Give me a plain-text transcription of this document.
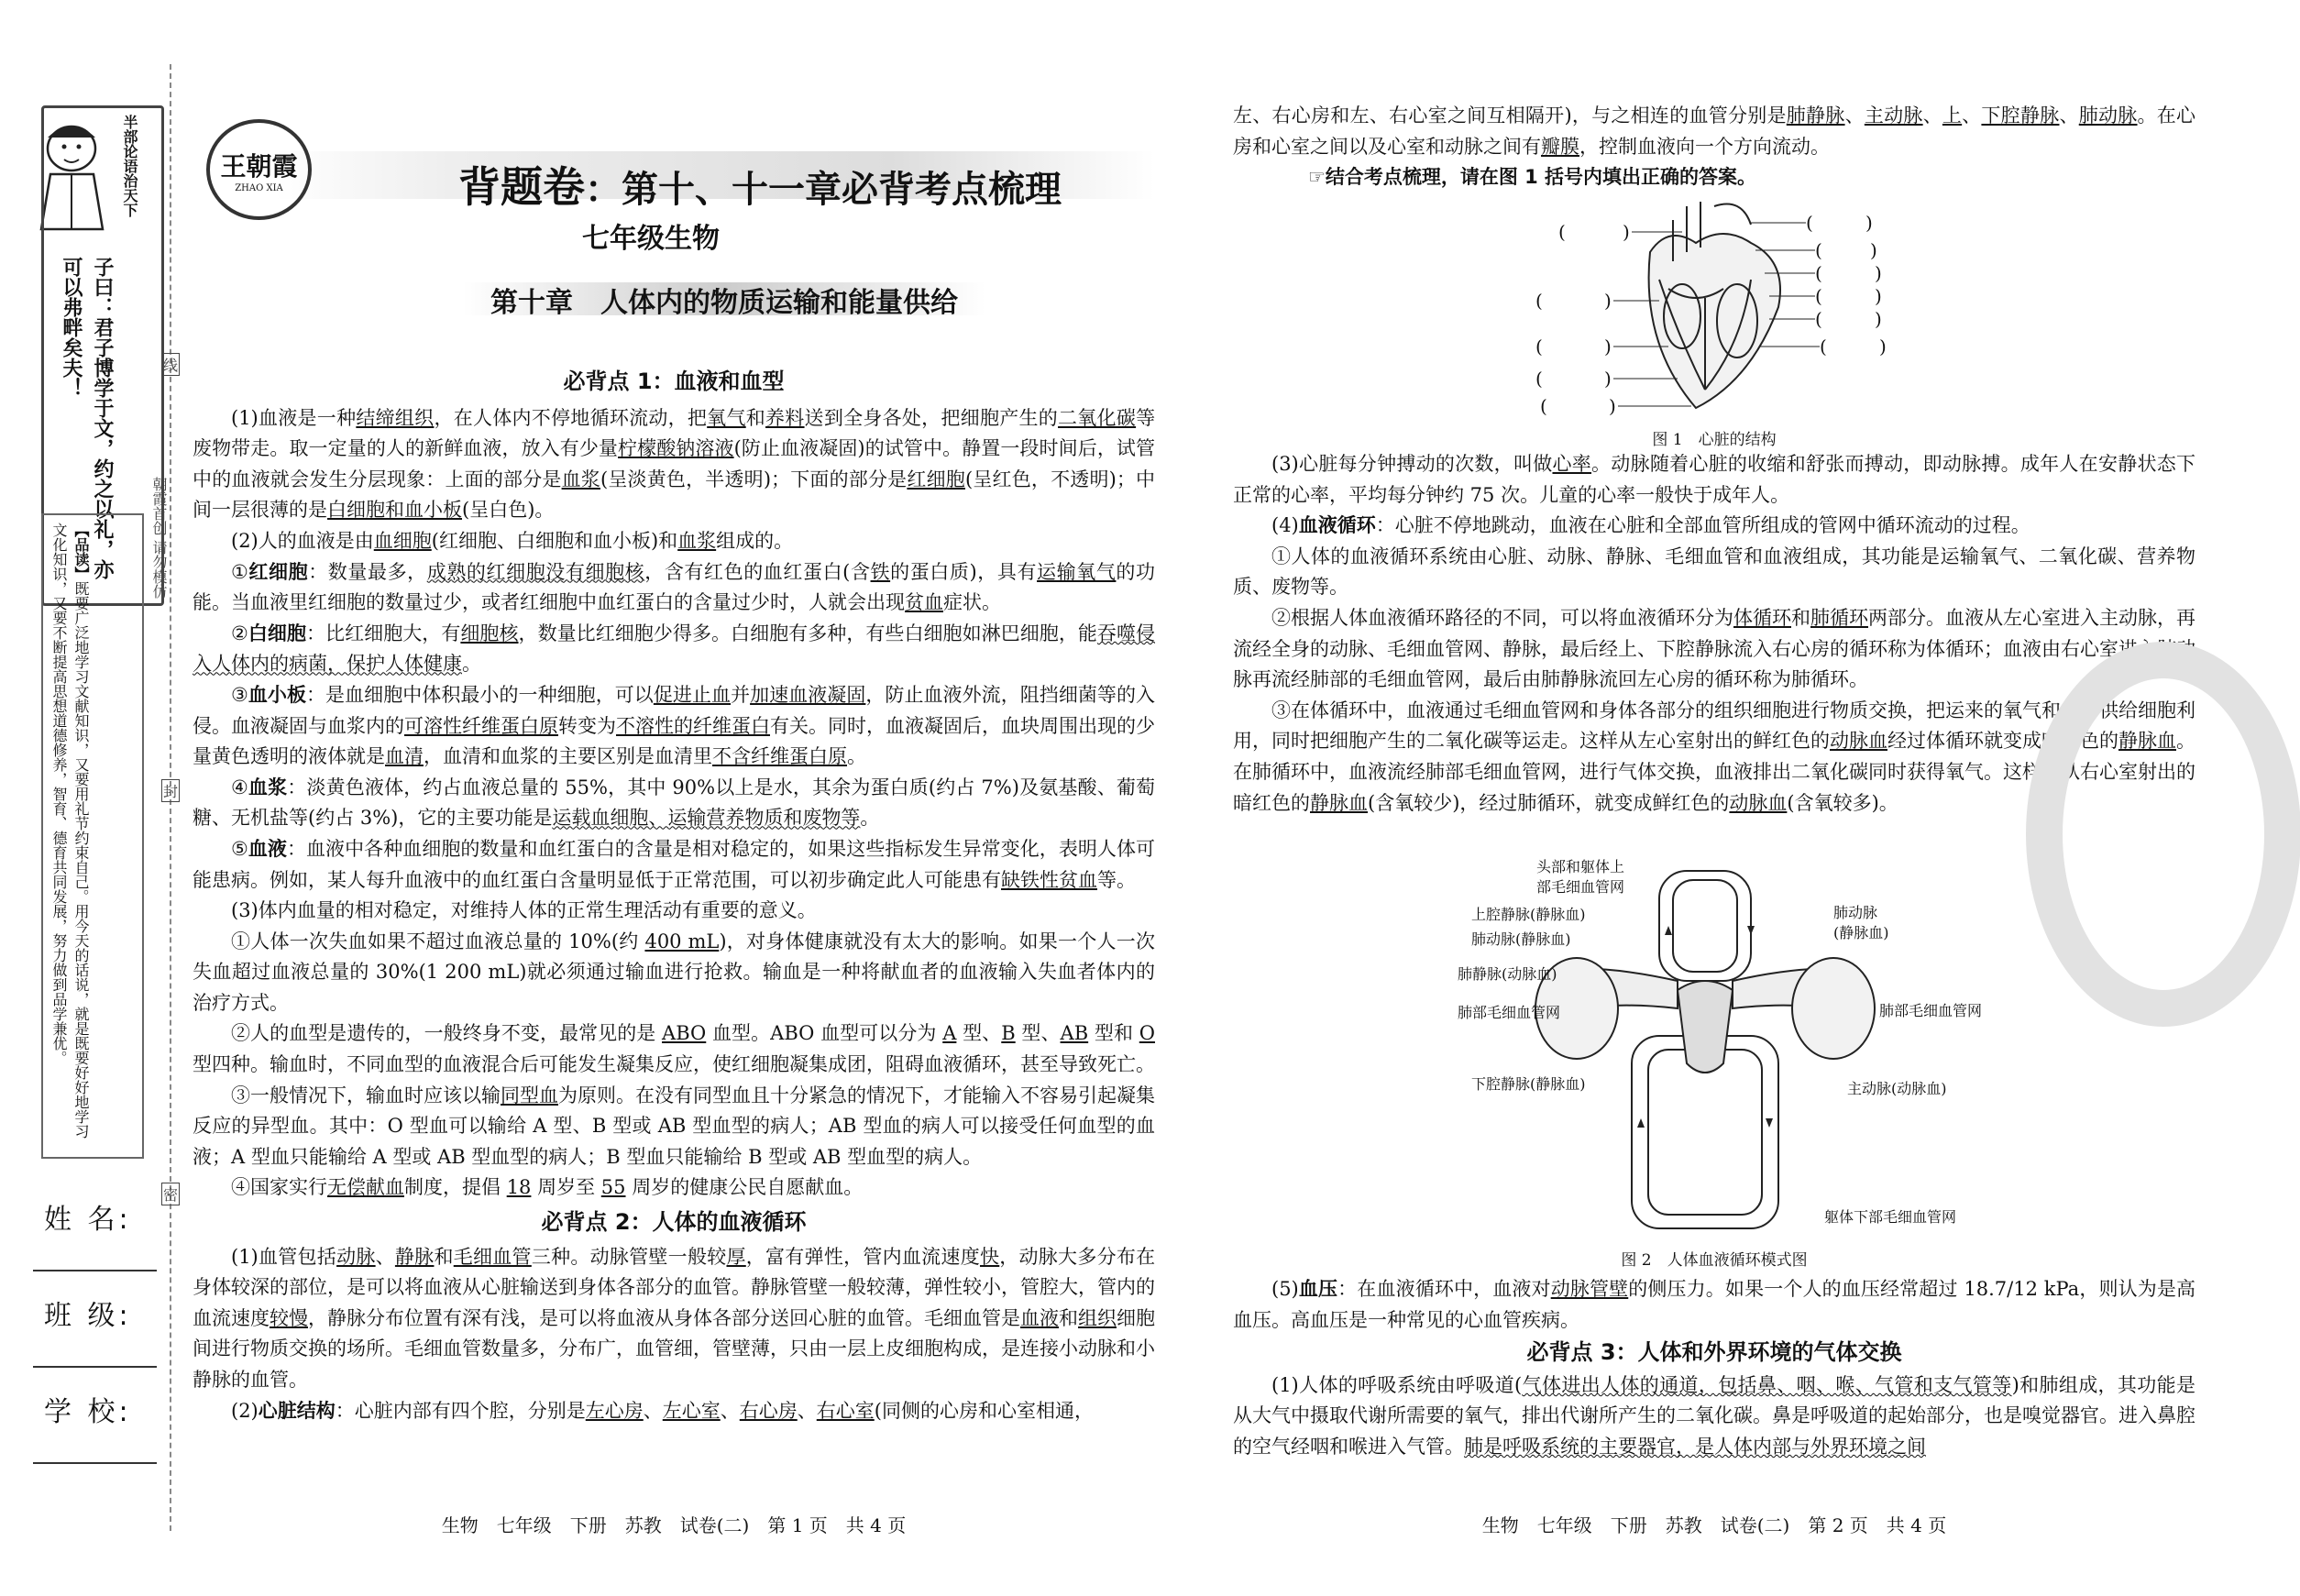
半部论语治天下
子曰：君子博学于文，约之以礼，亦可以弗畔矣夫！
【品读】既要广泛地学习文献知识，又要用礼节约束自己。用今天的话说，就是既要好好地学习文化知识，又要不断提高思想道德修养，智育、德育共同发展，努力做到品学兼优。	朝霞首创 请勿模仿
线
封
密
姓 名:
班 级:
学 校:
王朝霞
ZHAO XIA	背题卷：第十、十一章必背考点梳理
七年级生物
第十章　人体内的物质运输和能量供给
必背点 1：血液和血型

(1)血液是一种结缔组织，在人体内不停地循环流动，把氧气和养料送到全身各处，把细胞产生的二氧化碳等废物带走。取一定量的人的新鲜血液，放入有少量柠檬酸钠溶液(防止血液凝固)的试管中。静置一段时间后，试管中的血液就会发生分层现象：上面的部分是血浆(呈淡黄色，半透明)；下面的部分是红细胞(呈红色，不透明)；中间一层很薄的是白细胞和血小板(呈白色)。

(2)人的血液是由血细胞(红细胞、白细胞和血小板)和血浆组成的。

①红细胞：数量最多，成熟的红细胞没有细胞核，含有红色的血红蛋白(含铁的蛋白质)，具有运输氧气的功能。当血液里红细胞的数量过少，或者红细胞中血红蛋白的含量过少时，人就会出现贫血症状。

②白细胞：比红细胞大，有细胞核，数量比红细胞少得多。白细胞有多种，有些白细胞如淋巴细胞，能吞噬侵入人体内的病菌，保护人体健康。

③血小板：是血细胞中体积最小的一种细胞，可以促进止血并加速血液凝固，防止血液外流，阻挡细菌等的入侵。血液凝固与血浆内的可溶性纤维蛋白原转变为不溶性的纤维蛋白有关。同时，血液凝固后，血块周围出现的少量黄色透明的液体就是血清，血清和血浆的主要区别是血清里不含纤维蛋白原。

④血浆：淡黄色液体，约占血液总量的 55%，其中 90%以上是水，其余为蛋白质(约占 7%)及氨基酸、葡萄糖、无机盐等(约占 3%)，它的主要功能是运载血细胞、运输营养物质和废物等。

⑤血液：血液中各种血细胞的数量和血红蛋白的含量是相对稳定的，如果这些指标发生异常变化，表明人体可能患病。例如，某人每升血液中的血红蛋白含量明显低于正常范围，可以初步确定此人可能患有缺铁性贫血等。

(3)体内血量的相对稳定，对维持人体的正常生理活动有重要的意义。

①人体一次失血如果不超过血液总量的 10%(约 400 mL)，对身体健康就没有太大的影响。如果一个人一次失血超过血液总量的 30%(1 200 mL)就必须通过输血进行抢救。输血是一种将献血者的血液输入失血者体内的治疗方式。

②人的血型是遗传的，一般终身不变，最常见的是 ABO 血型。ABO 血型可以分为 A 型、B 型、AB 型和 O 型四种。输血时，不同血型的血液混合后可能发生凝集反应，使红细胞凝集成团，阻碍血液循环，甚至导致死亡。

③一般情况下，输血时应该以输同型血为原则。在没有同型血且十分紧急的情况下，才能输入不容易引起凝集反应的异型血。其中：O 型血可以输给 A 型、B 型或 AB 型血型的病人；AB 型血的病人可以接受任何血型的血液；A 型血只能输给 A 型或 AB 型血型的病人；B 型血只能输给 B 型或 AB 型血型的病人。

④国家实行无偿献血制度，提倡 18 周岁至 55 周岁的健康公民自愿献血。

必背点 2：人体的血液循环

(1)血管包括动脉、静脉和毛细血管三种。动脉管壁一般较厚，富有弹性，管内血流速度快，动脉大多分布在身体较深的部位，是可以将血液从心脏输送到身体各部分的血管。静脉管壁一般较薄，弹性较小，管腔大，管内的血流速度较慢，静脉分布位置有深有浅，是可以将血液从身体各部分送回心脏的血管。毛细血管是血液和组织细胞间进行物质交换的场所。毛细血管数量多，分布广，血管细，管壁薄，只由一层上皮细胞构成，是连接小动脉和小静脉的血管。

(2)心脏结构：心脏内部有四个腔，分别是左心房、左心室、右心房、右心室(同侧的心房和心室相通，

左、右心房和左、右心室之间互相隔开)，与之相连的血管分别是肺静脉、主动脉、上、下腔静脉、肺动脉。在心房和心室之间以及心室和动脉之间有瓣膜，控制血液向一个方向流动。

☞结合考点梳理，请在图 1 括号内填出正确的答案。

(	)
(	)
(	)
(	)
(	)
(	)
(	)
(	)
(	)
(	)
(	)
图 1　心脏的结构

(3)心脏每分钟搏动的次数，叫做心率。动脉随着心脏的收缩和舒张而搏动，即动脉搏。成年人在安静状态下正常的心率，平均每分钟约 75 次。儿童的心率一般快于成年人。

(4)血液循环：心脏不停地跳动，血液在心脏和全部血管所组成的管网中循环流动的过程。

①人体的血液循环系统由心脏、动脉、静脉、毛细血管和血液组成，其功能是运输氧气、二氧化碳、营养物质、废物等。

②根据人体血液循环路径的不同，可以将血液循环分为体循环和肺循环两部分。血液从左心室进入主动脉，再流经全身的动脉、毛细血管网、静脉，最后经上、下腔静脉流入右心房的循环称为体循环；血液由右心室进入肺动脉再流经肺部的毛细血管网，最后由肺静脉流回左心房的循环称为肺循环。

③在体循环中，血液通过毛细血管网和身体各部分的组织细胞进行物质交换，把运来的氧气和养料供给细胞利用，同时把细胞产生的二氧化碳等运走。这样从左心室射出的鲜红色的动脉血经过体循环就变成暗红色的静脉血。在肺循环中，血液流经肺部毛细血管网，进行气体交换，血液排出二氧化碳同时获得氧气。这样，从右心室射出的暗红色的静脉血(含氧较少)，经过肺循环，就变成鲜红色的动脉血(含氧较多)。

头部和躯体上
部毛细血管网
上腔静脉(静脉血)
肺动脉(静脉血)
肺静脉(动脉血)
肺部毛细血管网
肺动脉
(静脉血)
肺部毛细血管网
下腔静脉(静脉血)	主动脉(动脉血)
躯体下部毛细血管网
图 2　人体血液循环模式图

(5)血压：在血液循环中，血液对动脉管壁的侧压力。如果一个人的血压经常超过 18.7/12 kPa，则认为是高血压。高血压是一种常见的心血管疾病。

必背点 3：人体和外界环境的气体交换

(1)人体的呼吸系统由呼吸道(气体进出人体的通道，包括鼻、咽、喉、气管和支气管等)和肺组成，其功能是从大气中摄取代谢所需要的氧气，排出代谢所产生的二氧化碳。鼻是呼吸道的起始部分，也是嗅觉器官。进入鼻腔的空气经咽和喉进入气管。肺是呼吸系统的主要器官，是人体内部与外界环境之间

生物　七年级　下册　苏教　试卷(二)　第 1 页　共 4 页	生物　七年级　下册　苏教　试卷(二)　第 2 页　共 4 页
